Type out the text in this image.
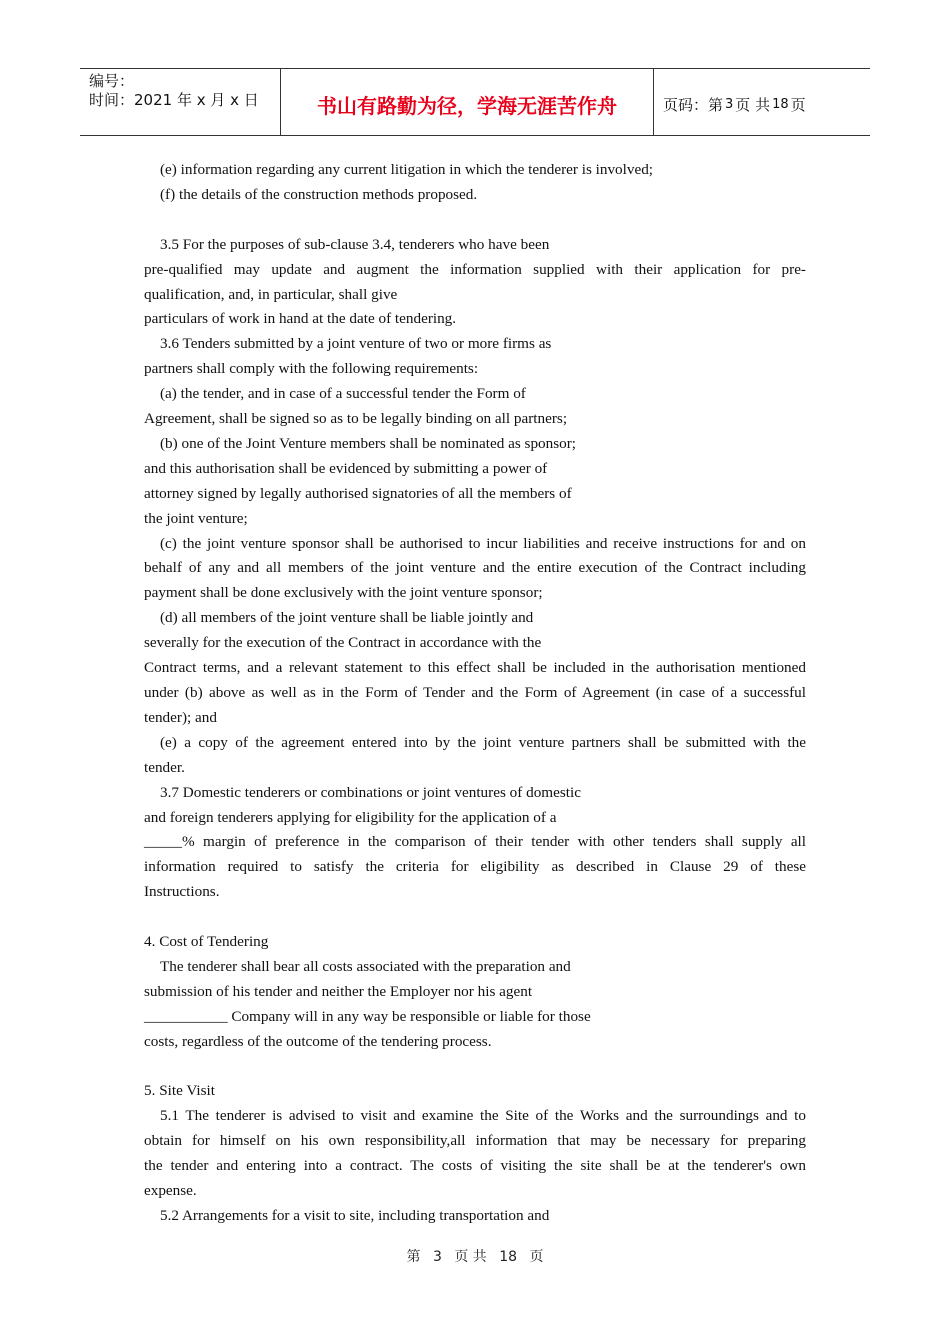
编号：
时间：2021 年 x 月 x 日	书山有路勤为径，学海无涯苦作舟	页码：第 3 页 共 18 页

(e) information regarding any current litigation in which the tenderer is involved;

(f) the details of the construction methods proposed.

3.5 For the purposes of sub-clause 3.4, tenderers who have been

pre-qualified may update and augment the information supplied with their application for pre-

qualification, and, in particular, shall give

particulars of work in hand at the date of tendering.

3.6 Tenders submitted by a joint venture of two or more firms as

partners shall comply with the following requirements:

(a) the tender, and in case of a successful tender the Form of

Agreement, shall be signed so as to be legally binding on all partners;

(b) one of the Joint Venture members shall be nominated as sponsor;

and this authorisation shall be evidenced by submitting a power of

attorney signed by legally authorised signatories of all the members of

the joint venture;

(c) the joint venture sponsor shall be authorised to incur liabilities and receive instructions for and on

behalf of any and all members of the joint venture and the entire execution of the Contract including

payment shall be done exclusively with the joint venture sponsor;

(d) all members of the joint venture shall be liable jointly and

severally for the execution of the Contract in accordance with the

Contract terms, and a relevant statement to this effect shall be included in the authorisation mentioned

under (b) above as well as in the Form of Tender and the Form of Agreement (in case of a successful

tender); and

(e) a copy of the agreement entered into by the joint venture partners shall be submitted with the

tender.

3.7 Domestic tenderers or combinations or joint ventures of domestic

and foreign tenderers applying for eligibility for the application of a

_____% margin of preference in the comparison of their tender with other tenders shall supply all

information required to satisfy the criteria for eligibility as described in Clause 29 of these

Instructions.

4. Cost of Tendering

The tenderer shall bear all costs associated with the preparation and

submission of his tender and neither the Employer nor his agent

___________ Company will in any way be responsible or liable for those

costs, regardless of the outcome of the tendering process.

5. Site Visit

5.1 The tenderer is advised to visit and examine the Site of the Works and the surroundings and to

obtain for himself on his own responsibility,all information that may be necessary for preparing

the tender and entering into a contract. The costs of visiting the site shall be at the tenderer's own

expense.

5.2 Arrangements for a visit to site, including transportation and

第 3 页 共 18 页
